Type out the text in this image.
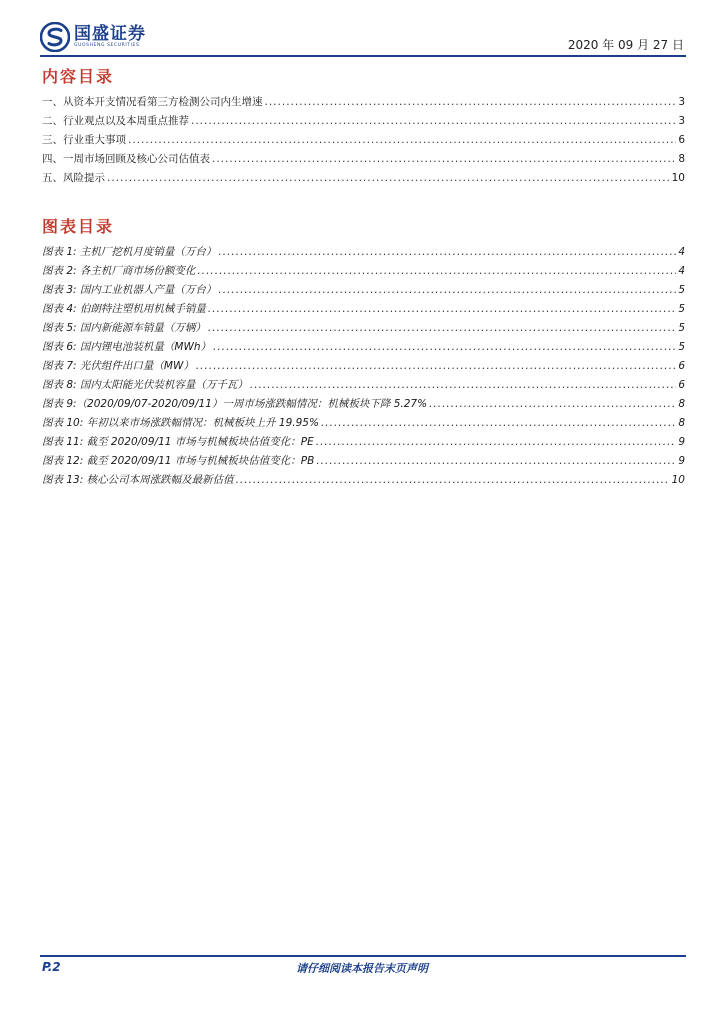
国盛证券
GUOSHENG SECURITIES	2020 年 09 月 27 日
内容目录
一、从资本开支情况看第三方检测公司内生增速 .....	3
二、行业观点以及本周重点推荐 .....	3
三、行业重大事项 .....	6
四、一周市场回顾及核心公司估值表 .....	8
五、风险提示 .....	10
图表目录
图表 1: 主机厂挖机月度销量（万台） .....	4
图表 2: 各主机厂商市场份额变化 .....	4
图表 3: 国内工业机器人产量（万台） .....	5
图表 4: 伯朗特注塑机用机械手销量 .....	5
图表 5: 国内新能源车销量（万辆） .....	5
图表 6: 国内锂电池装机量（MWh） .....	5
图表 7: 光伏组件出口量（MW） .....	6
图表 8: 国内太阳能光伏装机容量（万千瓦） .....	6
图表 9:（2020/09/07-2020/09/11）一周市场涨跌幅情况：机械板块下降 5.27% .....	8
图表 10: 年初以来市场涨跌幅情况：机械板块上升 19.95% .....	8
图表 11: 截至 2020/09/11 市场与机械板块估值变化：PE .....	9
图表 12: 截至 2020/09/11 市场与机械板块估值变化：PB .....	9
图表 13: 核心公司本周涨跌幅及最新估值 .....	10
P.2	请仔细阅读本报告末页声明
